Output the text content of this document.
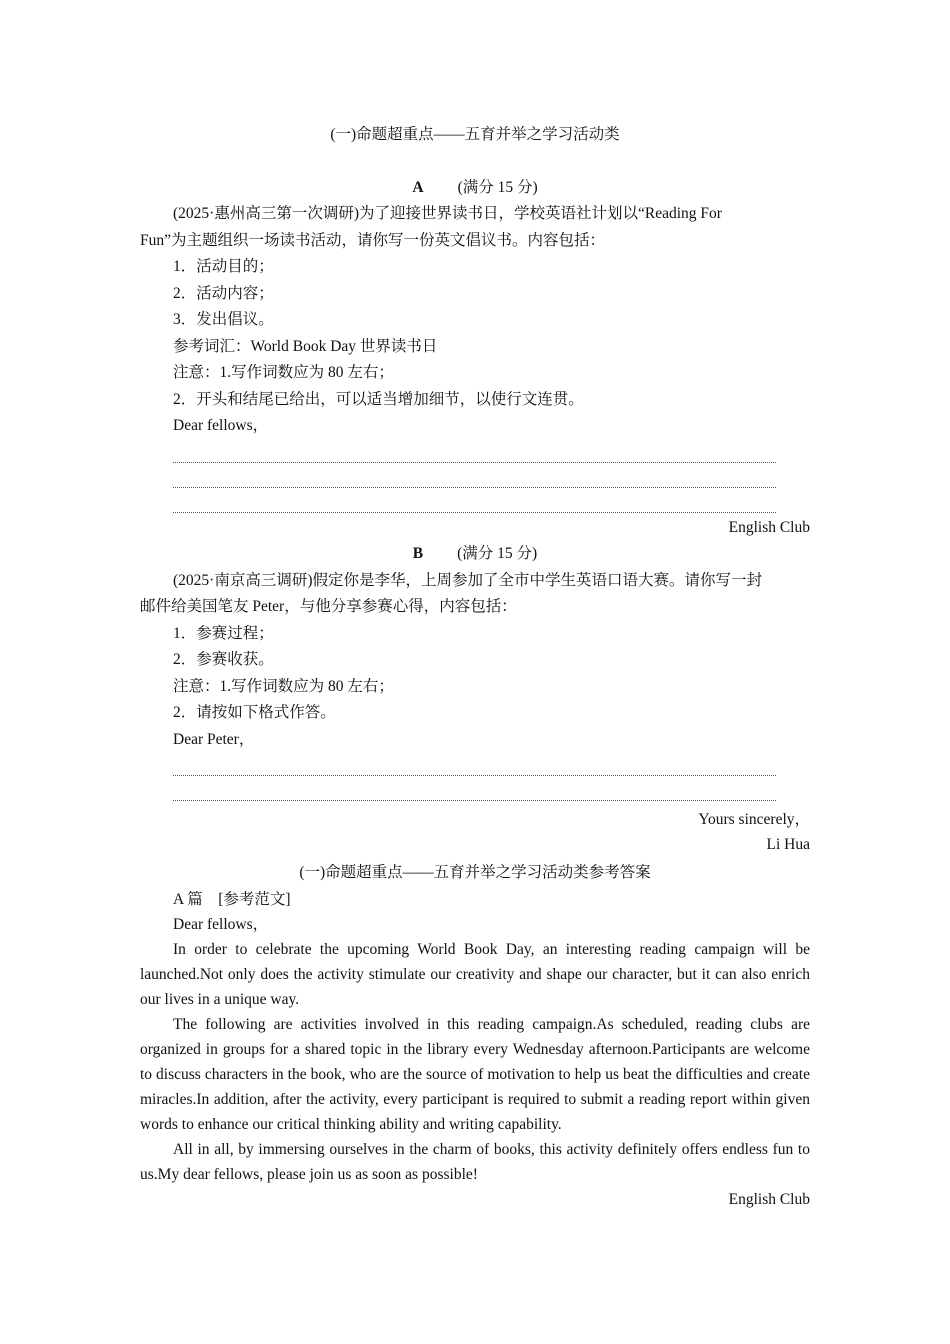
(一)命题超重点——五育并举之学习活动类
A (满分 15 分)
(2025·惠州高三第一次调研)为了迎接世界读书日，学校英语社计划以“Reading For
Fun”为主题组织一场读书活动，请你写一份英文倡议书。内容包括：
1．活动目的；
2．活动内容；
3．发出倡议。
参考词汇：World Book Day 世界读书日
注意：1.写作词数应为 80 左右；
2．开头和结尾已给出，可以适当增加细节，以使行文连贯。
Dear fellows，
English Club
B (满分 15 分)
(2025·南京高三调研)假定你是李华，上周参加了全市中学生英语口语大赛。请你写一封
邮件给美国笔友 Peter，与他分享参赛心得，内容包括：
1．参赛过程；
2．参赛收获。
注意：1.写作词数应为 80 左右；
2．请按如下格式作答。
Dear Peter，
Yours sincerely，
Li Hua
(一)命题超重点——五育并举之学习活动类参考答案
A 篇　[参考范文]
Dear fellows，
In order to celebrate the upcoming World Book Day, an interesting reading campaign will be launched.Not only does the activity stimulate our creativity and shape our character, but it can also enrich our lives in a unique way.
The following are activities involved in this reading campaign.As scheduled, reading clubs are organized in groups for a shared topic in the library every Wednesday afternoon.Participants are welcome to discuss characters in the book, who are the source of motivation to help us beat the difficulties and create miracles.In addition, after the activity, every participant is required to submit a reading report within given words to enhance our critical thinking ability and writing capability.
All in all, by immersing ourselves in the charm of books, this activity definitely offers endless fun to us.My dear fellows, please join us as soon as possible!
English Club
